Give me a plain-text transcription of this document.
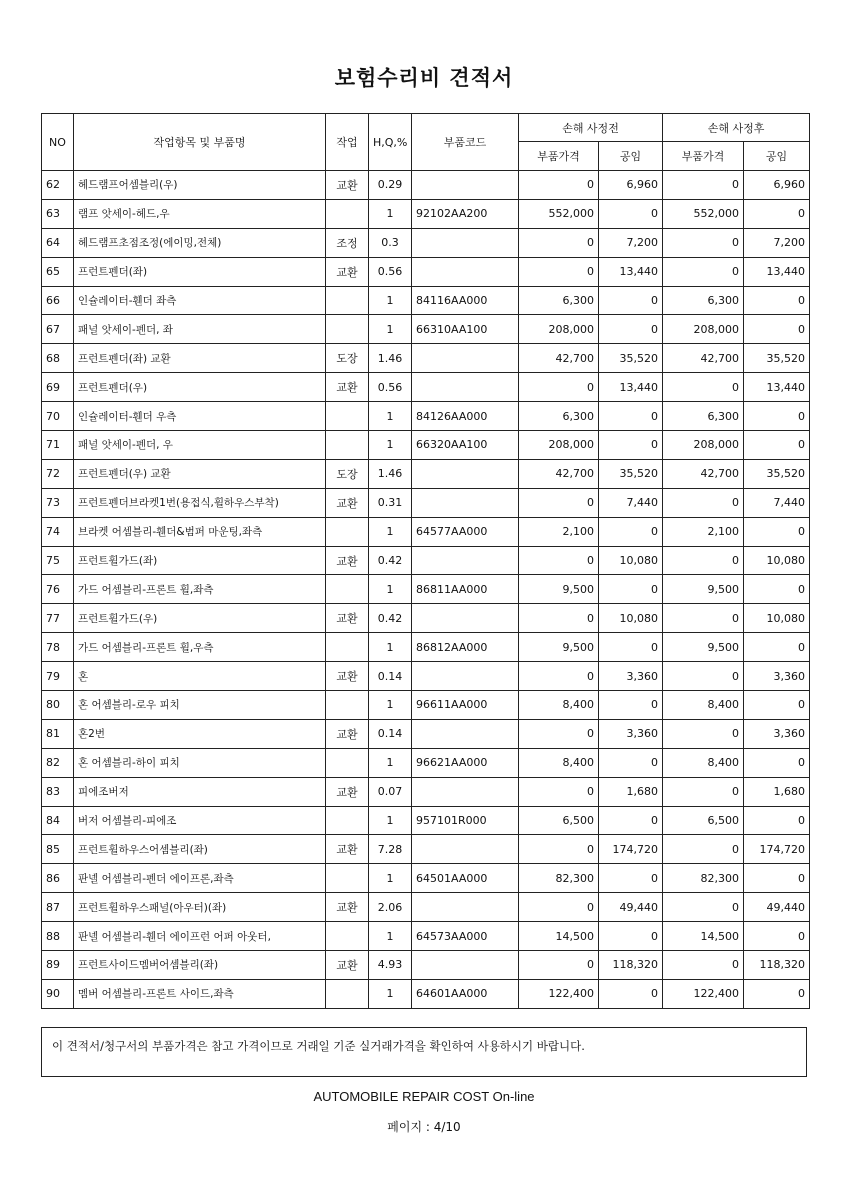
보험수리비 견적서
NO	작업항목 및 부품명	작업	H,Q,%	부품코드	손해 사정전		손해 사정후	
					부품가격	공임	부품가격	공임
62	헤드램프어셈블리(우)	교환	0.29		0	6,960	0	6,960
63	램프 앗세이-헤드,우		1	92102AA200	552,000	0	552,000	0
64	헤드램프초점조정(에이밍,전체)	조정	0.3		0	7,200	0	7,200
65	프런트펜더(좌)	교환	0.56		0	13,440	0	13,440
66	인슐레이터-휀더 좌측		1	84116AA000	6,300	0	6,300	0
67	패널 앗세이-펜더, 좌		1	66310AA100	208,000	0	208,000	0
68	프런트펜더(좌) 교환	도장	1.46		42,700	35,520	42,700	35,520
69	프런트펜더(우)	교환	0.56		0	13,440	0	13,440
70	인슐레이터-휀더 우측		1	84126AA000	6,300	0	6,300	0
71	패널 앗세이-펜더, 우		1	66320AA100	208,000	0	208,000	0
72	프런트펜더(우) 교환	도장	1.46		42,700	35,520	42,700	35,520
73	프런트펜더브라켓1번(용접식,휠하우스부착)	교환	0.31		0	7,440	0	7,440
74	브라켓 어셈블리-휀더&범퍼 마운팅,좌측		1	64577AA000	2,100	0	2,100	0
75	프런트휠가드(좌)	교환	0.42		0	10,080	0	10,080
76	가드 어셈블리-프론트 휠,좌측		1	86811AA000	9,500	0	9,500	0
77	프런트휠가드(우)	교환	0.42		0	10,080	0	10,080
78	가드 어셈블리-프론트 휠,우측		1	86812AA000	9,500	0	9,500	0
79	혼	교환	0.14		0	3,360	0	3,360
80	혼 어셈블리-로우 피치		1	96611AA000	8,400	0	8,400	0
81	혼2번	교환	0.14		0	3,360	0	3,360
82	혼 어셈블리-하이 피치		1	96621AA000	8,400	0	8,400	0
83	피에조버저	교환	0.07		0	1,680	0	1,680
84	버저 어셈블리-피에조		1	957101R000	6,500	0	6,500	0
85	프런트휠하우스어셈블리(좌)	교환	7.28		0	174,720	0	174,720
86	판넬 어셈블리-펜더 에이프론,좌측		1	64501AA000	82,300	0	82,300	0
87	프런트휠하우스패널(아우터)(좌)	교환	2.06		0	49,440	0	49,440
88	판넬 어셈블리-휀더 에이프런 어퍼 아웃터,		1	64573AA000	14,500	0	14,500	0
89	프런트사이드멤버어셈블리(좌)	교환	4.93		0	118,320	0	118,320
90	멤버 어셈블리-프론트 사이드,좌측		1	64601AA000	122,400	0	122,400	0
이 견적서/청구서의 부품가격은 참고 가격이므로 거래일 기준 실거래가격을 확인하여 사용하시기 바랍니다.
AUTOMOBILE REPAIR COST On-line
페이지 : 4/10
